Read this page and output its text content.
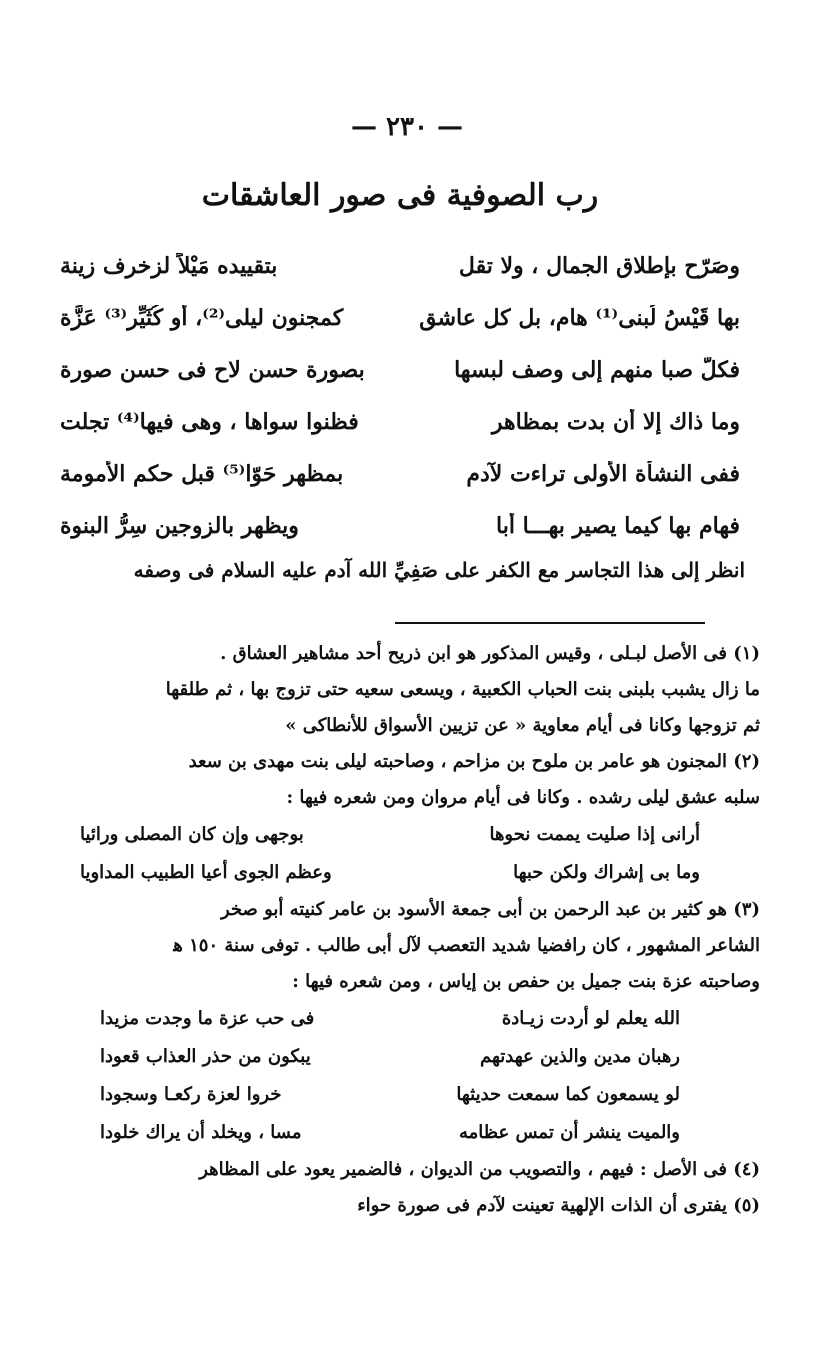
— ٢٣٠ —
رب الصوفية فى صور العاشقات
وصَرّح بإطلاق الجمال ، ولا تقل
بتقييده مَيْلاً لزخرف زينة
بها قَيْسُ لُبنى⁽¹⁾ هام، بل كل عاشق
كمجنون ليلى⁽²⁾، أو كُثَيِّر⁽³⁾ عَزَّة
فكلٌّ صبا منهم إلى وصف لبسها
بصورة حسن لاح فى حسن صورة
وما ذاك إلا أن بدت بمظاهر
فظنوا سواها ، وهى فيها⁽⁴⁾ تجلت
ففى النشأة الأولى تراءت لآدم
بمظهر حَوّا⁽⁵⁾ قبل حكم الأمومة
فهام بها كيما يصير بهـــا أبا
ويظهر بالزوجين سِرُّ البنوة
انظر إلى هذا التجاسر مع الكفر على صَفِيِّ الله آدم عليه السلام فى وصفه
(١) فى الأصل لبـلى ، وقيس المذكور هو ابن ذريح أحد مشاهير العشاق .
ما زال يشبب بلبنى بنت الحباب الكعبية ، ويسعى سعيه حتى تزوج بها ، ثم طلقها
ثم تزوجها وكانا فى أيام معاوية « عن تزيين الأسواق للأنطاكى »
(٢) المجنون هو عامر بن ملوح بن مزاحم ، وصاحبته ليلى بنت مهدى بن سعد
سلبه عشق ليلى رشده . وكانا فى أيام مروان ومن شعره فيها :
أرانى إذا صليت يممت نحوها
بوجهى وإن كان المصلى ورائيا
وما بى إشراك ولكن حبها
وعظم الجوى أعيا الطبيب المداويا
(٣) هو كثير بن عبد الرحمن بن أبى جمعة الأسود بن عامر كنيته أبو صخر
الشاعر المشهور ، كان رافضيا شديد التعصب لآل أبى طالب . توفى سنة ١٥٠ ﻫ
وصاحبته عزة بنت جميل بن حفص بن إياس ، ومن شعره فيها :
الله يعلم لو أردت زيـادة
فى حب عزة ما وجدت مزيدا
رهبان مدين والذين عهدتهم
يبكون من حذر العذاب قعودا
لو يسمعون كما سمعت حديثها
خروا لعزة ركعـا وسجودا
والميت ينشر أن تمس عظامه
مسا ، ويخلد أن يراك خلودا
(٤) فى الأصل : فيهم ، والتصويب من الديوان ، فالضمير يعود على المظاهر
(٥) يفترى أن الذات الإلهية تعينت لآدم فى صورة حواء
